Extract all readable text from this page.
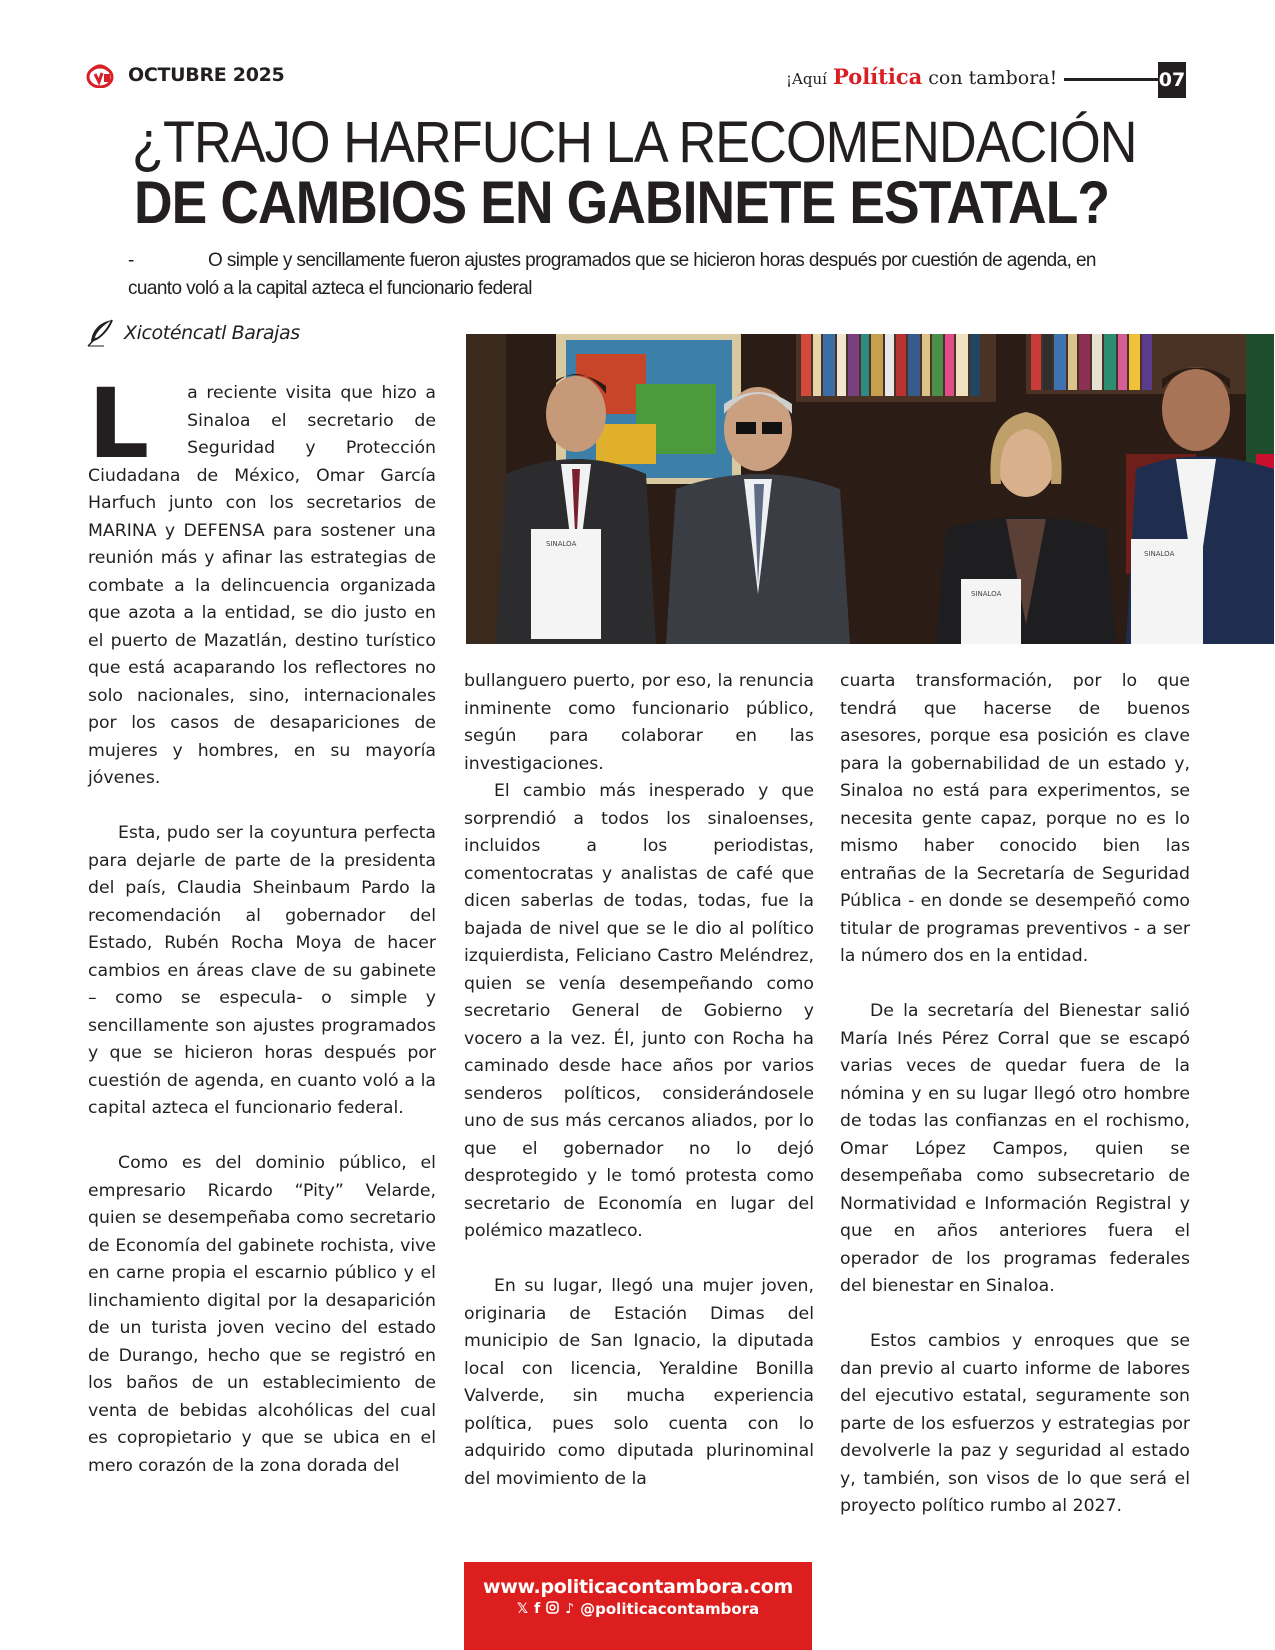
OCTUBRE 2025	¡Aquí Política con tambora!	07
¿TRAJO HARFUCH LA RECOMENDACIÓN
DE CAMBIOS EN GABINETE ESTATAL?
-	O simple y sencillamente fueron ajustes programados que se hicieron horas después por cuestión de agenda, en cuanto voló a la capital azteca el funcionario federal
Xicoténcatl Barajas
SINALOA
SINALOA
SINALOA
L	a reciente visita que hizo a Sinaloa el secretario de Seguridad y Protección Ciudadana de México, Omar García Harfuch junto con los secretarios de MARINA y DEFENSA para sostener una reunión más y afinar las estrategias de combate a la delincuencia organizada que azota a la entidad, se dio justo en el puerto de Mazatlán, destino turístico que está acaparando los reflectores no solo nacionales, sino, internacionales por los casos de desapariciones de mujeres y hombres, en su mayoría jóvenes.

Esta, pudo ser la coyuntura perfecta para dejarle de parte de la presidenta del país, Claudia Sheinbaum Pardo la recomendación al gobernador del Estado, Rubén Rocha Moya de hacer cambios en áreas clave de su gabinete – como se especula- o simple y sencillamente son ajustes programados y que se hicieron horas después por cuestión de agenda, en cuanto voló a la capital azteca el funcionario federal.

Como es del dominio público, el empresario Ricardo “Pity” Velarde, quien se desempeñaba como secretario de Economía del gabinete rochista, vive en carne propia el escarnio público y el linchamiento digital por la desaparición de un turista joven vecino del estado de Durango, hecho que se registró en los baños de un establecimiento de venta de bebidas alcohólicas del cual es copropietario y que se ubica en el mero corazón de la zona dorada del

bullanguero puerto, por eso, la renuncia inminente como funcionario público, según para colaborar en las investigaciones.

El cambio más inesperado y que sorprendió a todos los sinaloenses, incluidos a los periodistas, comentocratas y analistas de café que dicen saberlas de todas, todas, fue la bajada de nivel que se le dio al político izquierdista, Feliciano Castro Meléndrez, quien se venía desempeñando como secretario General de Gobierno y vocero a la vez. Él, junto con Rocha ha caminado desde hace años por varios senderos políticos, considerándosele uno de sus más cercanos aliados, por lo que el gobernador no lo dejó desprotegido y le tomó protesta como secretario de Economía en lugar del polémico mazatleco.

En su lugar, llegó una mujer joven, originaria de Estación Dimas del municipio de San Ignacio, la diputada local con licencia, Yeraldine Bonilla Valverde, sin mucha experiencia política, pues solo cuenta con lo adquirido como diputada plurinominal del movimiento de la

cuarta transformación, por lo que tendrá que hacerse de buenos asesores, porque esa posición es clave para la gobernabilidad de un estado y, Sinaloa no está para experimentos, se necesita gente capaz, porque no es lo mismo haber conocido bien las entrañas de la Secretaría de Seguridad Pública - en donde se desempeñó como titular de programas preventivos - a ser la número dos en la entidad.

De la secretaría del Bienestar salió María Inés Pérez Corral que se escapó varias veces de quedar fuera de la nómina y en su lugar llegó otro hombre de todas las confianzas en el rochismo, Omar López Campos, quien se desempeñaba como subsecretario de Normatividad e Información Registral y que en años anteriores fuera el operador de los programas federales del bienestar en Sinaloa.

Estos cambios y enroques que se dan previo al cuarto informe de labores del ejecutivo estatal, seguramente son parte de los esfuerzos y estrategias por devolverle la paz y seguridad al estado y, también, son visos de lo que será el proyecto político rumbo al 2027.

www.politicacontambora.com
𝕏 f ♪ @politicacontambora
